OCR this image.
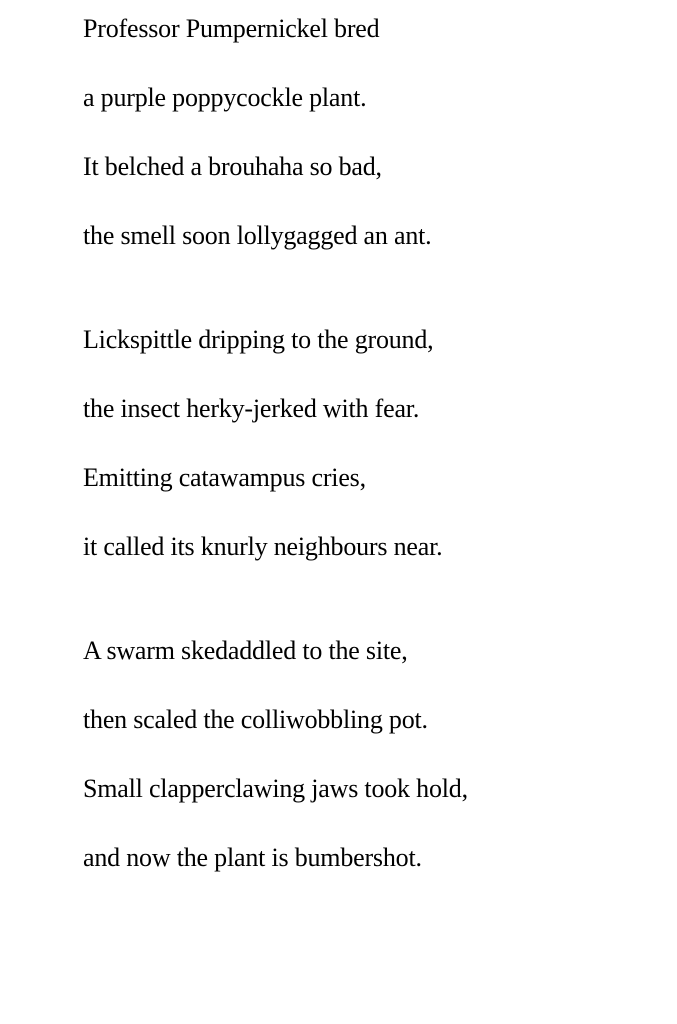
Professor Pumpernickel bred
a purple poppycockle plant.
It belched a brouhaha so bad,
the smell soon lollygagged an ant.
Lickspittle dripping to the ground,
the insect herky-jerked with fear.
Emitting catawampus cries,
it called its knurly neighbours near.
A swarm skedaddled to the site,
then scaled the colliwobbling pot.
Small clapperclawing jaws took hold,
and now the plant is bumbershot.
